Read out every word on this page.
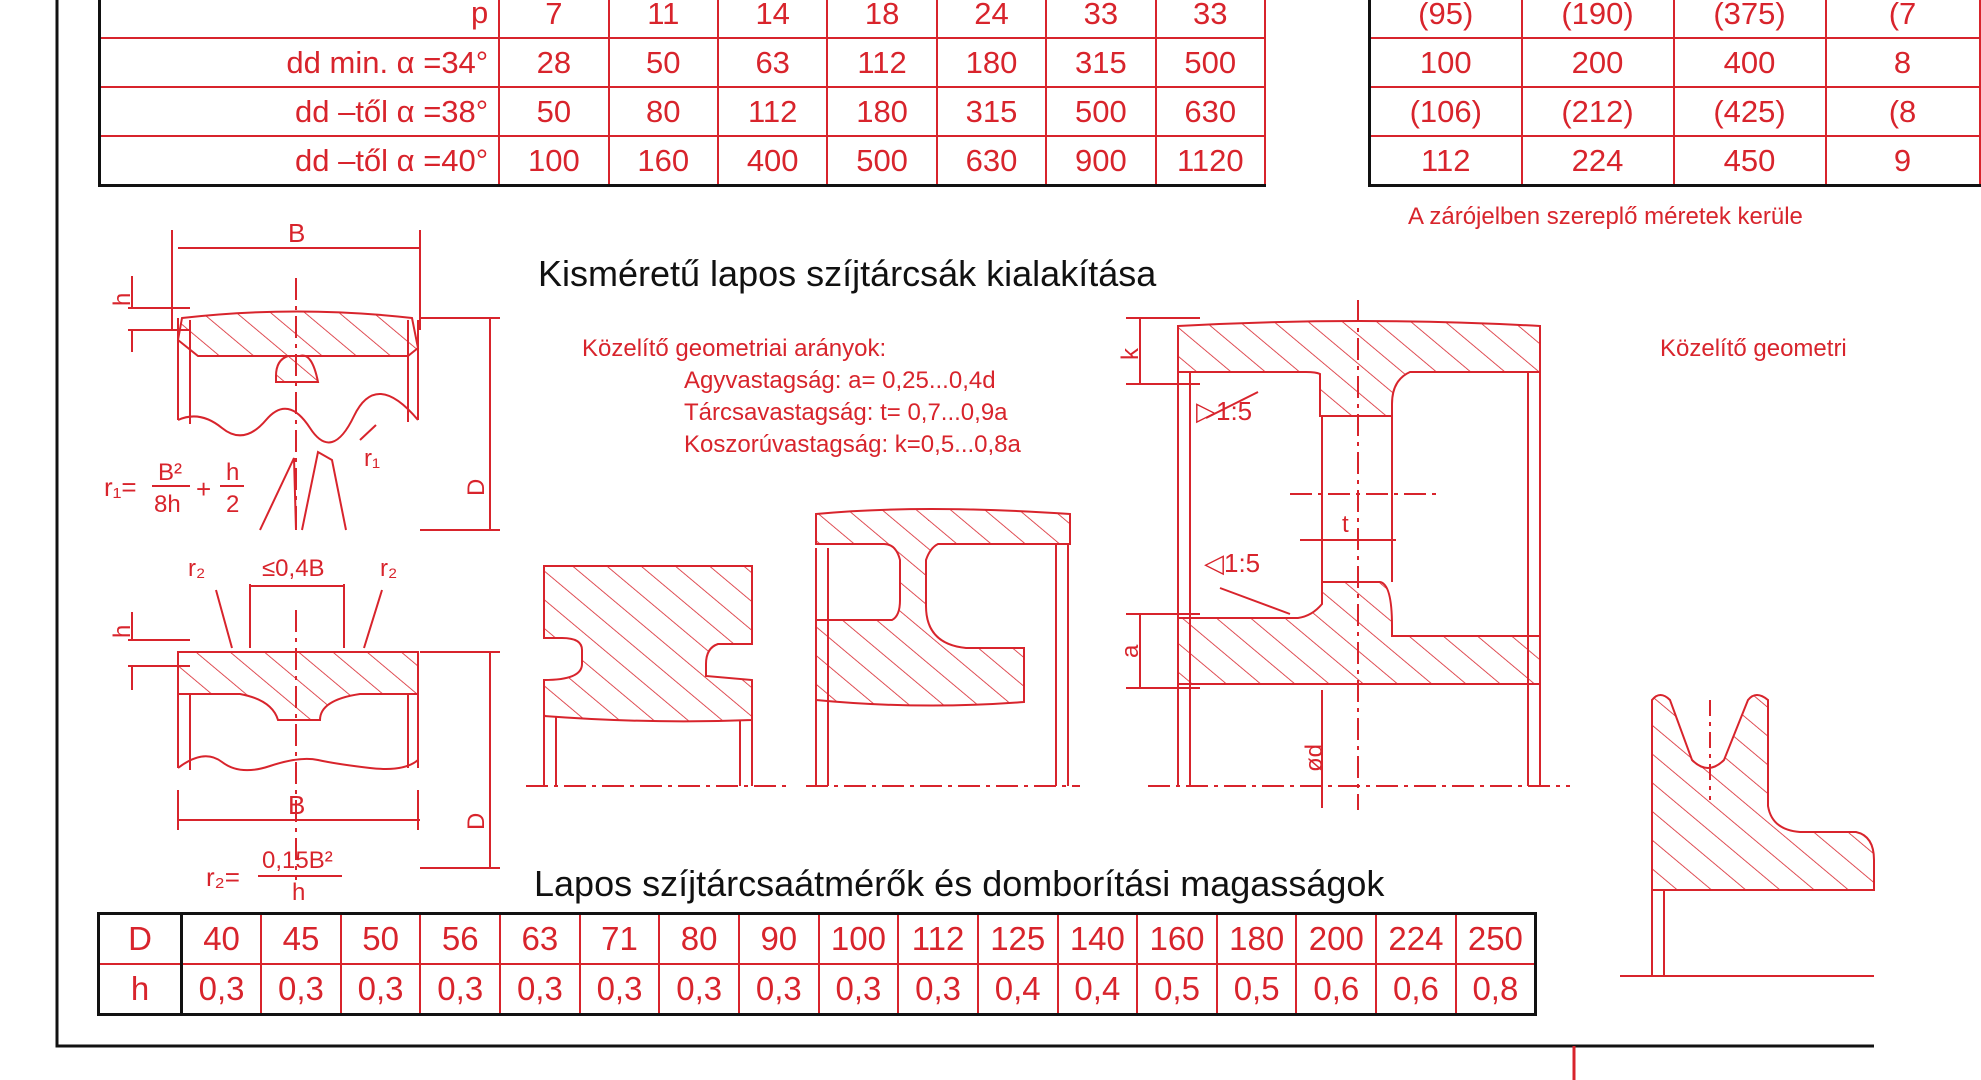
p	7	11	14	18	24	33	33
dd min. α =34°	28	50	63	112	180	315	500
dd –től α =38°	50	80	112	180	315	500	630
dd –től α =40°	100	160	400	500	630	900	1120
(95)	(190)	(375)	(7
100	200	400	8
(106)	(212)	(425)	(8
112	224	450	9
Kisméretű lapos szíjtárcsák kialakítása
Közelítő geometriai arányok:
Agyvastagság: a= 0,25...0,4d
Tárcsavastagság: t= 0,7...0,9a
Koszorúvastagság: k=0,5...0,8a
Közelítő geometri
A zárójelben szereplő méretek kerüle
B
B
h
h
D
D
r₁
r₂	r₂
≤0,4B
k
t
a
ød
▷1:5
◁1:5
r₁= B²
8h
+
h
2
r₂=
0,15B²
h	Lapos szíjtárcsaátmérők és domborítási magasságok
D	40	45	50	56	63	71	80	90	100	112	125	140	160	180	200	224	250
h	0,3	0,3	0,3	0,3	0,3	0,3	0,3	0,3	0,3	0,3	0,4	0,4	0,5	0,5	0,6	0,6	0,8
